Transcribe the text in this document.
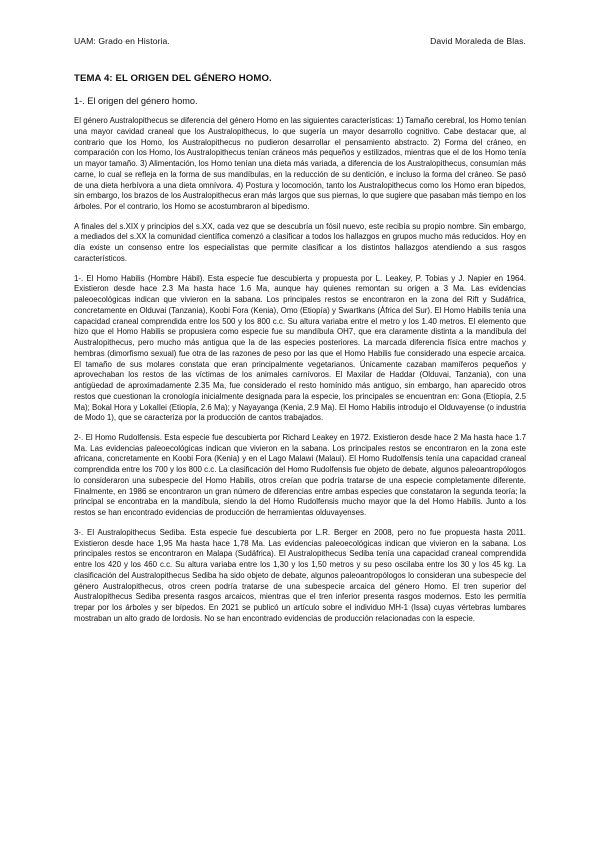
UAM: Grado en Historia.	David Moraleda de Blas.
TEMA 4: EL ORIGEN DEL GÉNERO HOMO.
1-. El origen del género homo.

El género Australopithecus se diferencia del género Homo en las siguientes características: 1) Tamaño cerebral, los Homo tenían una mayor cavidad craneal que los Australopithecus, lo que sugería un mayor desarrollo cognitivo. Cabe destacar que, al contrario que los Homo, los Australopithecus no pudieron desarrollar el pensamiento abstracto. 2) Forma del cráneo, en comparación con los Homo, los Australopithecus tenían cráneos más pequeños y estilizados, mientras que el de los Homo tenía un mayor tamaño. 3) Alimentación, los Homo tenían una dieta más variada, a diferencia de los Australopithecus, consumían más carne, lo cual se refleja en la forma de sus mandíbulas, en la reducción de su dentición, e incluso la forma del cráneo. Se pasó de una dieta herbívora a una dieta omnívora. 4) Postura y locomoción, tanto los Australopithecus como los Homo eran bípedos, sin embargo, los brazos de los Australopithecus eran más largos que sus piernas, lo que sugiere que pasaban más tiempo en los árboles. Por el contrario, los Homo se acostumbraron al bipedismo.

A finales del s.XIX y principios del s.XX, cada vez que se descubría un fósil nuevo, este recibía su propio nombre. Sin embargo, a mediados del s.XX la comunidad científica comenzó a clasificar a todos los hallazgos en grupos mucho más reducidos. Hoy en día existe un consenso entre los especialistas que permite clasificar a los distintos hallazgos atendiendo a sus rasgos característicos.

1-. El Homo Habilis (Hombre Hábil). Esta especie fue descubierta y propuesta por L. Leakey, P. Tobias y J. Napier en 1964. Existieron desde hace 2.3 Ma hasta hace 1.6 Ma, aunque hay quienes remontan su origen a 3 Ma. Las evidencias paleoecológicas indican que vivieron en la sabana. Los principales restos se encontraron en la zona del Rift y Sudáfrica, concretamente en Olduvai (Tanzania), Koobi Fora (Kenia), Omo (Etiopía) y Swartkans (África del Sur). El Homo Habilis tenía una capacidad craneal comprendida entre los 500 y los 800 c.c. Su altura variaba entre el metro y los 1.40 metros. El elemento que hizo que el Homo Habilis se propusiera como especie fue su mandíbula OH7, que era claramente distinta a la mandíbula del Australopithecus, pero mucho más antigua que la de las especies posteriores. La marcada diferencia física entre machos y hembras (dimorfismo sexual) fue otra de las razones de peso por las que el Homo Habilis fue considerado una especie arcaica. El tamaño de sus molares constata que eran principalmente vegetarianos. Únicamente cazaban mamíferos pequeños y aprovechaban los restos de las víctimas de los animales carnívoros. El Maxilar de Haddar (Olduvai, Tanzania), con una antigüedad de aproximadamente 2.35 Ma, fue considerado el resto homínido más antiguo, sin embargo, han aparecido otros restos que cuestionan la cronología inicialmente designada para la especie, los principales se encuentran en: Gona (Etiopía, 2.5 Ma); Bokal Hora y LokaIlei (Etiopía, 2.6 Ma); y Nayayanga (Kenia, 2.9 Ma). El Homo Habilis introdujo el Olduvayense (o industria de Modo 1), que se caracteriza por la producción de cantos trabajados.

2-. El Homo Rudolfensis. Esta especie fue descubierta por Richard Leakey en 1972. Existieron desde hace 2 Ma hasta hace 1.7 Ma. Las evidencias paleoecológicas indican que vivieron en la sabana. Los principales restos se encontraron en la zona este africana, concretamente en Koobi Fora (Kenia) y en el Lago Malawi (Malaui). El Homo Rudolfensis tenía una capacidad craneal comprendida entre los 700 y los 800 c.c. La clasificación del Homo Rudolfensis fue objeto de debate, algunos paleoantropólogos lo consideraron una subespecie del Homo Habilis, otros creían que podría tratarse de una especie completamente diferente. Finalmente, en 1986 se encontraron un gran número de diferencias entre ambas especies que constataron la segunda teoría; la principal se encontraba en la mandíbula, siendo la del Homo Rudolfensis mucho mayor que la del Homo Habilis. Junto a los restos se han encontrado evidencias de producción de herramientas olduvayenses.

3-. El Australopithecus Sediba. Esta especie fue descubierta por L.R. Berger en 2008, pero no fue propuesta hasta 2011. Existieron desde hace 1,95 Ma hasta hace 1,78 Ma. Las evidencias paleoecológicas indican que vivieron en la sabana. Los principales restos se encontraron en Malapa (Sudáfrica). El Australopithecus Sediba tenía una capacidad craneal comprendida entre los 420 y los 460 c.c. Su altura variaba entre los 1,30 y los 1,50 metros y su peso oscilaba entre los 30 y los 45 kg. La clasificación del Australopithecus Sediba ha sido objeto de debate, algunos paleoantropólogos lo consideran una subespecie del género Australopithecus, otros creen podría tratarse de una subespecie arcaica del género Homo. El tren superior del Australopithecus Sediba presenta rasgos arcaicos, mientras que el tren inferior presenta rasgos modernos. Esto les permitía trepar por los árboles y ser bípedos. En 2021 se publicó un artículo sobre el individuo MH-1 (Issa) cuyas vértebras lumbares mostraban un alto grado de lordosis. No se han encontrado evidencias de producción relacionadas con la especie.
